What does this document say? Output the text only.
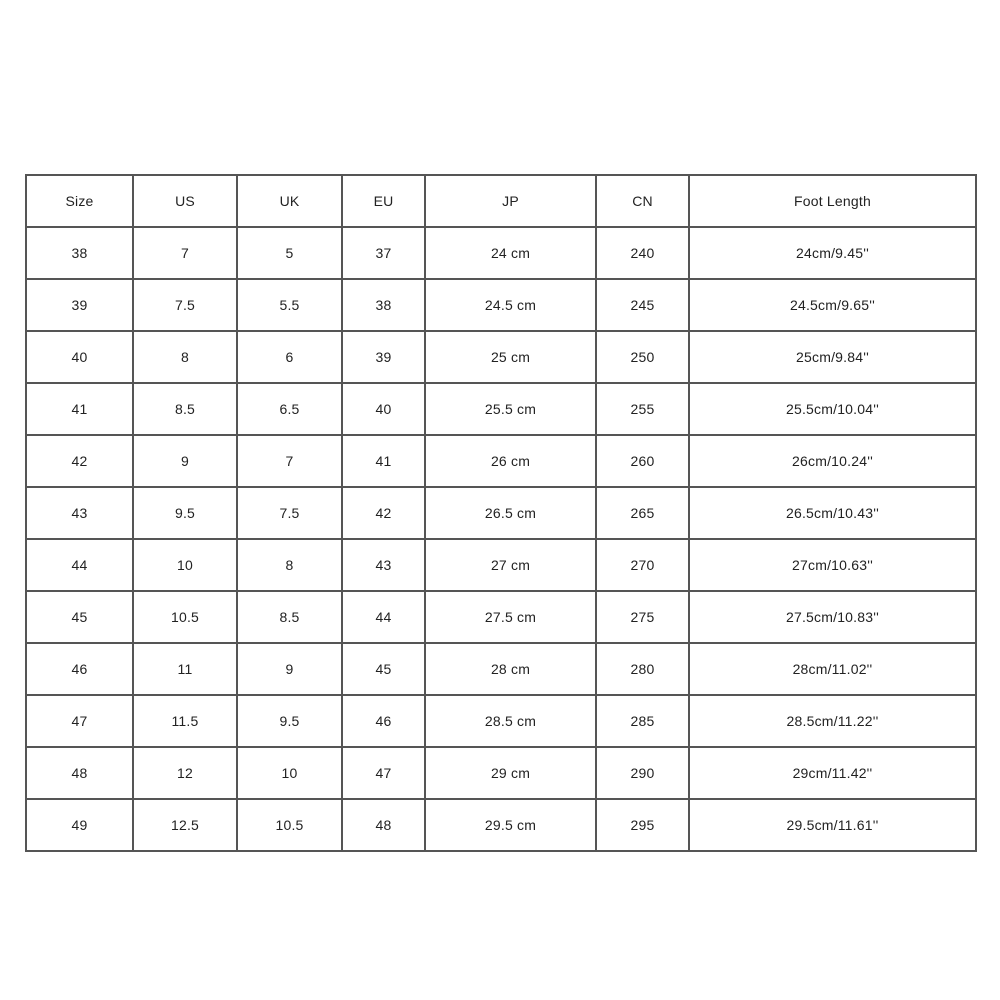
Size	US	UK	EU	JP	CN	Foot Length
38	7	5	37	24 cm	240	24cm/9.45''
39	7.5	5.5	38	24.5 cm	245	24.5cm/9.65''
40	8	6	39	25 cm	250	25cm/9.84''
41	8.5	6.5	40	25.5 cm	255	25.5cm/10.04''
42	9	7	41	26 cm	260	26cm/10.24''
43	9.5	7.5	42	26.5 cm	265	26.5cm/10.43''
44	10	8	43	27 cm	270	27cm/10.63''
45	10.5	8.5	44	27.5 cm	275	27.5cm/10.83''
46	11	9	45	28 cm	280	28cm/11.02''
47	11.5	9.5	46	28.5 cm	285	28.5cm/11.22''
48	12	10	47	29 cm	290	29cm/11.42''
49	12.5	10.5	48	29.5 cm	295	29.5cm/11.61''
